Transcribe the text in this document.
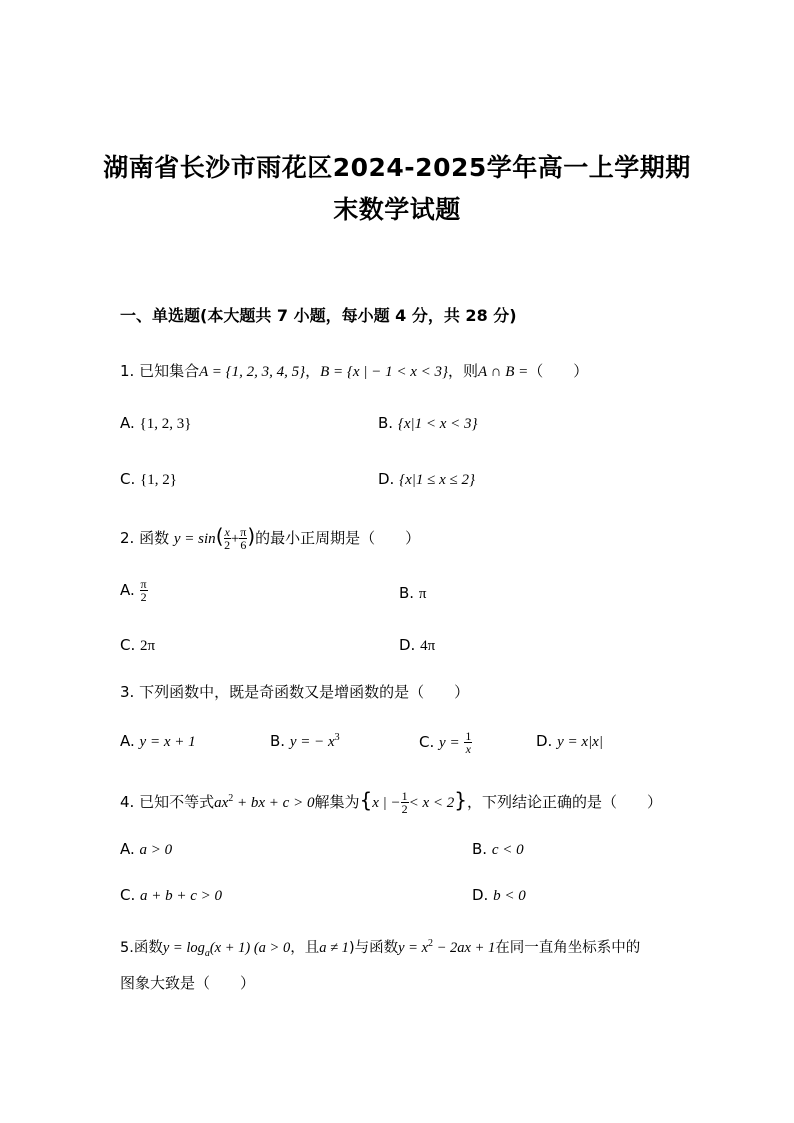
湖南省长沙市雨花区2024-2025学年高一上学期期
末数学试题
一、单选题(本大题共 7 小题，每小题 4 分，共 28 分)
1. 已知集合A = {1, 2, 3, 4, 5}，B = {x | − 1 < x < 3}，则A ∩ B =（　　）
A. {1, 2, 3}	B. {x|1 < x < 3}
C. {1, 2}	D. {x|1 ≤ x ≤ 2}
2. 函数 $y = \sin( \frac{x}{2} + \frac{\pi}{6}$ )的最小正周期是（　　）
A. $\frac{\pi}{2}$	B. π
C. 2π	D. 4π
3. 下列函数中，既是奇函数又是增函数的是（　　）
A. y = x + 1	B. y = − $x^3$	C. $y = \frac{1}{x}$	D. y = x|x|
4. 已知不等式$ax^2$ + bx + c > 0解集为{x | − $\frac{1}{2} < x < 2$}，下列结论正确的是（　　）
A. a > 0	B. c < 0
C. a + b + c > 0	D. b < 0
5.函数$y = \log_a(x + 1) (a > 0$，且a ≠ 1)与函数$y = x^2 - 2ax + 1$在同一直角坐标系中的
图象大致是（　　）
